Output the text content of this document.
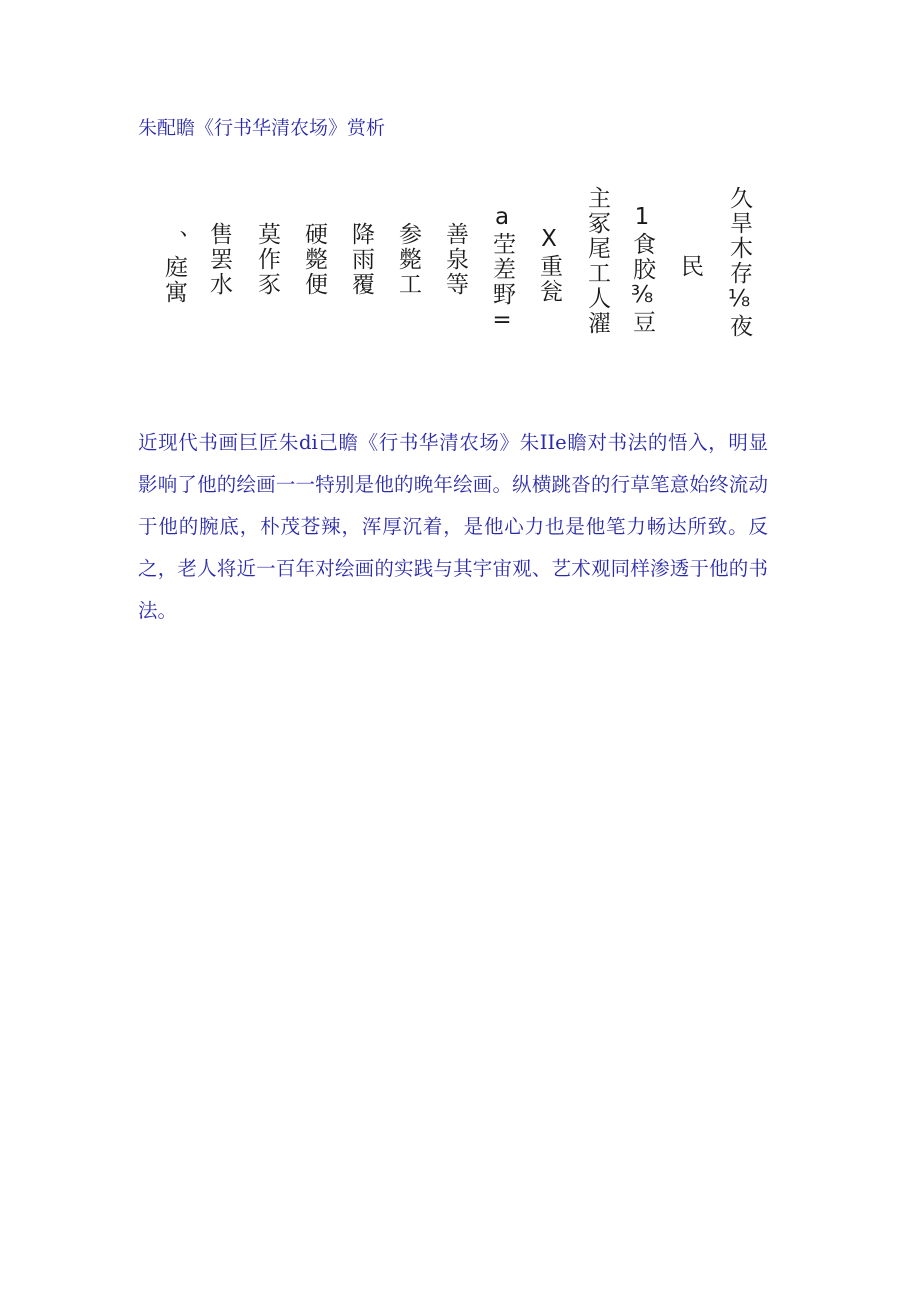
朱配瞻《行书华清农场》赏析
、庭寓 售罢水 莫作豕 硬斃便 降雨覆 参斃工 善泉等 a茔差野= X重瓮 主冢尾工人濯 1食胶⅜豆 民 久旱木存⅛夜

近现代书画巨匠朱di己瞻《行书华清农场》朱IIe瞻对书法的悟入，明显影响了他的绘画一一特别是他的晚年绘画。纵横跳沓的行草笔意始终流动于他的腕底，朴茂苍辣，浑厚沉着，是他心力也是他笔力畅达所致。反之，老人将近一百年对绘画的实践与其宇宙观、艺术观同样渗透于他的书法。
